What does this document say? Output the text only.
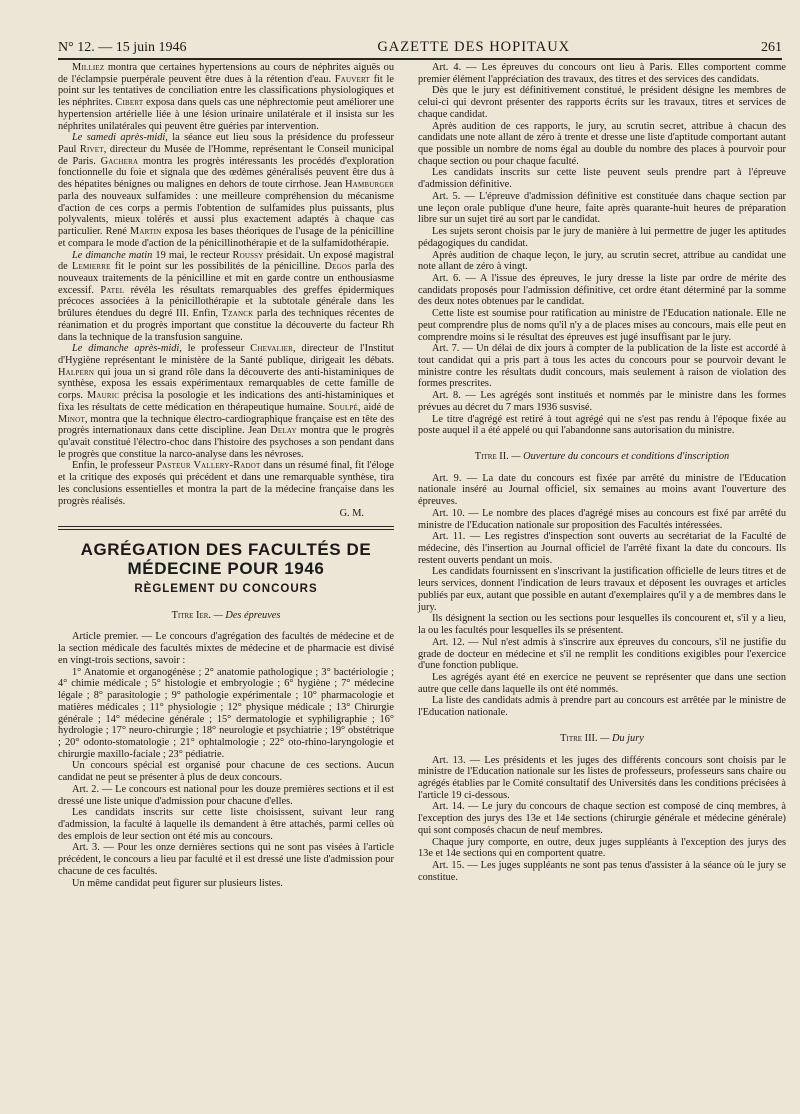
N° 12. — 15 juin 1946	GAZETTE DES HOPITAUX	261

Milliez montra que certaines hypertensions au cours de néphrites aiguës ou de l'éclampsie puerpérale peuvent être dues à la rétention d'eau. Fauvert fit le point sur les tentatives de conciliation entre les classifications physiologiques et les néphrites. Cibert exposa dans quels cas une néphrectomie peut améliorer une hypertension artérielle liée à une lésion urinaire unilatérale et il insista sur les néphrites unilatérales qui peuvent être guéries par intervention.

Le samedi après-midi, la séance eut lieu sous la présidence du professeur Paul Rivet, directeur du Musée de l'Homme, représentant le Conseil municipal de Paris. Gachera montra les progrès intéressants les procédés d'exploration fonctionnelle du foie et signala que des œdèmes généralisés peuvent être dus à des hépatites bénignes ou malignes en dehors de toute cirrhose. Jean Hamburger parla des nouveaux sulfamides : une meilleure compréhension du mécanisme d'action de ces corps a permis l'obtention de sulfamides plus puissants, plus polyvalents, mieux tolérés et aussi plus exactement adaptés à chaque cas particulier. René Martin exposa les bases théoriques de l'usage de la pénicilline et compara le mode d'action de la pénicillinothérapie et de la sulfamidothérapie.

Le dimanche matin 19 mai, le recteur Roussy présidait. Un exposé magistral de Lemierre fit le point sur les possibilités de la pénicilline. Degos parla des nouveaux traitements de la pénicilline et mit en garde contre un enthousiasme excessif. Patel révéla les résultats remarquables des greffes épidermiques précoces associées à la pénicillothérapie et la subtotale générale dans les brûlures étendues du degré III. Enfin, Tzanck parla des techniques récentes de réanimation et du progrès important que constitue la découverte du facteur Rh dans la technique de la transfusion sanguine.

Le dimanche après-midi, le professeur Chevalier, directeur de l'Institut d'Hygiène représentant le ministère de la Santé publique, dirigeait les débats. Halpern qui joua un si grand rôle dans la découverte des anti-histaminiques de synthèse, exposa les essais expérimentaux remarquables de cette famille de corps. Mauric précisa la posologie et les indications des anti-histaminiques et fixa les résultats de cette médication en thérapeutique humaine. Soulpé, aidé de Minot, montra que la technique électro-cardiographique française est en tête des progrès internationaux dans cette discipline. Jean Delay montra que le progrès qu'avait constitué l'électro-choc dans l'histoire des psychoses a son pendant dans le progrès que constitue la narco-analyse dans les névroses.

Enfin, le professeur Pasteur Vallery-Radot dans un résumé final, fit l'éloge et la critique des exposés qui précédent et dans une remarquable synthèse, tira les conclusions essentielles et montra la part de la médecine française dans les progrès réalisés.

G. M.

AGRÉGATION DES FACULTÉS DE MÉDECINE POUR 1946
RÈGLEMENT DU CONCOURS

Titre Ier. — Des épreuves

Article premier. — Le concours d'agrégation des facultés de médecine et de la section médicale des facultés mixtes de médecine et de pharmacie est divisé en vingt-trois sections, savoir :

1° Anatomie et organogénèse ; 2° anatomie pathologique ; 3° bactériologie ; 4° chimie médicale ; 5° histologie et embryologie ; 6° hygiène ; 7° médecine légale ; 8° parasitologie ; 9° pathologie expérimentale ; 10° pharmacologie et matières médicales ; 11° physiologie ; 12° physique médicale ; 13° Chirurgie générale ; 14° médecine générale ; 15° dermatologie et syphiligraphie ; 16° hydrologie ; 17° neuro-chirurgie ; 18° neurologie et psychiatrie ; 19° obstétrique ; 20° odonto-stomatologie ; 21° ophtalmologie ; 22° oto-rhino-laryngologie et chirurgie maxillo-faciale ; 23° pédiatrie.

Un concours spécial est organisé pour chacune de ces sections. Aucun candidat ne peut se présenter à plus de deux concours.

Art. 2. — Le concours est national pour les douze premières sections et il est dressé une liste unique d'admission pour chacune d'elles.

Les candidats inscrits sur cette liste choisissent, suivant leur rang d'admission, la faculté à laquelle ils demandent à être attachés, parmi celles où des emplois de leur section ont été mis au concours.

Art. 3. — Pour les onze dernières sections qui ne sont pas visées à l'article précédent, le concours a lieu par faculté et il est dressé une liste d'admission pour chacune de ces facultés.

Un même candidat peut figurer sur plusieurs listes.

Art. 4. — Les épreuves du concours ont lieu à Paris. Elles comportent comme premier élément l'appréciation des travaux, des titres et des services des candidats.

Dès que le jury est définitivement constitué, le président désigne les membres de celui-ci qui devront présenter des rapports écrits sur les travaux, titres et services de chaque candidat.

Après audition de ces rapports, le jury, au scrutin secret, attribue à chacun des candidats une note allant de zéro à trente et dresse une liste d'aptitude comportant autant que possible un nombre de noms égal au double du nombre des places à pourvoir pour chaque section ou pour chaque faculté.

Les candidats inscrits sur cette liste peuvent seuls prendre part à l'épreuve d'admission définitive.

Art. 5. — L'épreuve d'admission définitive est constituée dans chaque section par une leçon orale publique d'une heure, faite après quarante-huit heures de préparation libre sur un sujet tiré au sort par le candidat.

Les sujets seront choisis par le jury de manière à lui permettre de juger les aptitudes pédagogiques du candidat.

Après audition de chaque leçon, le jury, au scrutin secret, attribue au candidat une note allant de zéro à vingt.

Art. 6. — A l'issue des épreuves, le jury dresse la liste par ordre de mérite des candidats proposés pour l'admission définitive, cet ordre étant déterminé par la somme des deux notes obtenues par le candidat.

Cette liste est soumise pour ratification au ministre de l'Education nationale. Elle ne peut comprendre plus de noms qu'il n'y a de places mises au concours, mais elle peut en comprendre moins si le résultat des épreuves est jugé insuffisant par le jury.

Art. 7. — Un délai de dix jours à compter de la publication de la liste est accordé à tout candidat qui a pris part à tous les actes du concours pour se pourvoir devant le ministre contre les résultats dudit concours, mais seulement à raison de violation des formes prescrites.

Art. 8. — Les agrégés sont institués et nommés par le ministre dans les formes prévues au décret du 7 mars 1936 susvisé.

Le titre d'agrégé est retiré à tout agrégé qui ne s'est pas rendu à l'époque fixée au poste auquel il a été appelé ou qui l'abandonne sans autorisation du ministre.

Titre II. — Ouverture du concours et conditions d'inscription

Art. 9. — La date du concours est fixée par arrêté du ministre de l'Education nationale inséré au Journal officiel, six semaines au moins avant l'ouverture des épreuves.

Art. 10. — Le nombre des places d'agrégé mises au concours est fixé par arrêté du ministre de l'Education nationale sur proposition des Facultés intéressées.

Art. 11. — Les registres d'inspection sont ouverts au secrétariat de la Faculté de médecine, dès l'insertion au Journal officiel de l'arrêté fixant la date du concours. Ils restent ouverts pendant un mois.

Les candidats fournissent en s'inscrivant la justification officielle de leurs titres et de leurs services, donnent l'indication de leurs travaux et déposent les ouvrages et articles publiés par eux, autant que possible en autant d'exemplaires qu'il y a de membres dans le jury.

Ils désignent la section ou les sections pour lesquelles ils concourent et, s'il y a lieu, la ou les facultés pour lesquelles ils se présentent.

Art. 12. — Nul n'est admis à s'inscrire aux épreuves du concours, s'il ne justifie du grade de docteur en médecine et s'il ne remplit les conditions exigibles pour l'exercice d'une fonction publique.

Les agrégés ayant été en exercice ne peuvent se représenter que dans une section autre que celle dans laquelle ils ont été nommés.

La liste des candidats admis à prendre part au concours est arrêtée par le ministre de l'Education nationale.

Titre III. — Du jury

Art. 13. — Les présidents et les juges des différents concours sont choisis par le ministre de l'Education nationale sur les listes de professeurs, professeurs sans chaire ou agrégés établies par le Comité consultatif des Universités dans les conditions précisées à l'article 19 ci-dessous.

Art. 14. — Le jury du concours de chaque section est composé de cinq membres, à l'exception des jurys des 13e et 14e sections (chirurgie générale et médecine générale) qui sont composés chacun de neuf membres.

Chaque jury comporte, en outre, deux juges suppléants à l'exception des jurys des 13e et 14e sections qui en comportent quatre.

Art. 15. — Les juges suppléants ne sont pas tenus d'assister à la séance où le jury se constitue.
